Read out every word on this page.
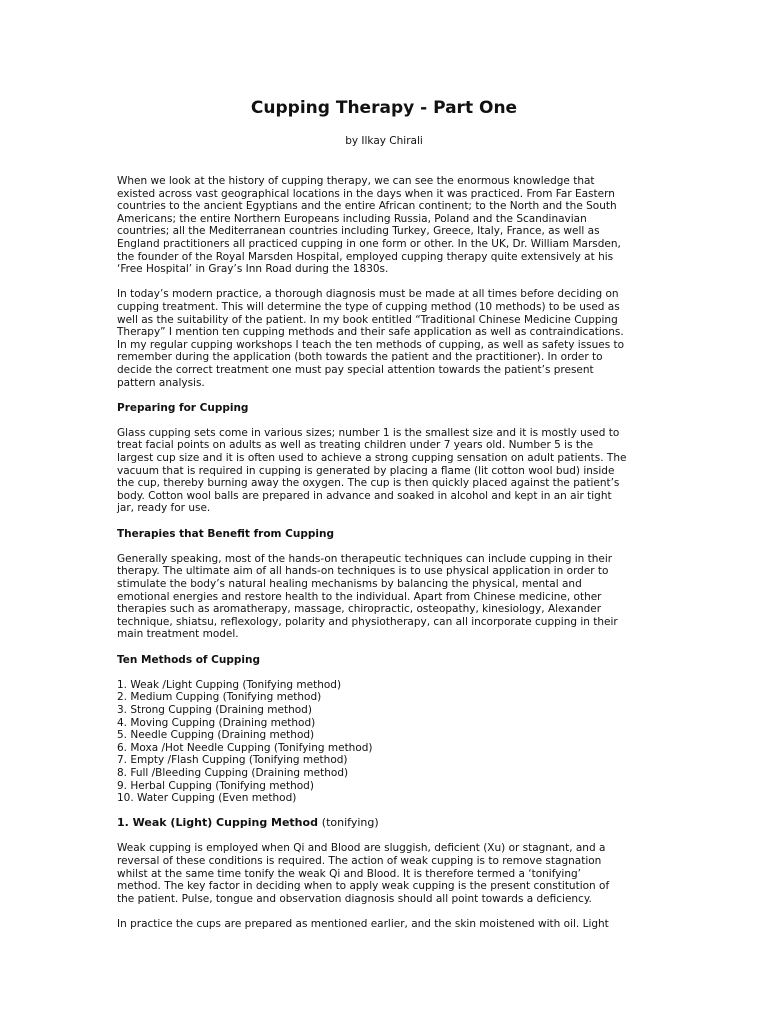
Cupping Therapy - Part One
by Ilkay Chirali

When we look at the history of cupping therapy, we can see the enormous knowledge that
existed across vast geographical locations in the days when it was practiced. From Far Eastern
countries to the ancient Egyptians and the entire African continent; to the North and the South
Americans; the entire Northern Europeans including Russia, Poland and the Scandinavian
countries; all the Mediterranean countries including Turkey, Greece, Italy, France, as well as
England practitioners all practiced cupping in one form or other. In the UK, Dr. William Marsden,
the founder of the Royal Marsden Hospital, employed cupping therapy quite extensively at his
‘Free Hospital’ in Gray’s Inn Road during the 1830s.

In today’s modern practice, a thorough diagnosis must be made at all times before deciding on
cupping treatment. This will determine the type of cupping method (10 methods) to be used as
well as the suitability of the patient. In my book entitled “Traditional Chinese Medicine Cupping
Therapy” I mention ten cupping methods and their safe application as well as contraindications.
In my regular cupping workshops I teach the ten methods of cupping, as well as safety issues to
remember during the application (both towards the patient and the practitioner). In order to
decide the correct treatment one must pay special attention towards the patient’s present
pattern analysis.

Preparing for Cupping

Glass cupping sets come in various sizes; number 1 is the smallest size and it is mostly used to
treat facial points on adults as well as treating children under 7 years old. Number 5 is the
largest cup size and it is often used to achieve a strong cupping sensation on adult patients. The
vacuum that is required in cupping is generated by placing a flame (lit cotton wool bud) inside
the cup, thereby burning away the oxygen. The cup is then quickly placed against the patient’s
body. Cotton wool balls are prepared in advance and soaked in alcohol and kept in an air tight
jar, ready for use.

Therapies that Benefit from Cupping

Generally speaking, most of the hands-on therapeutic techniques can include cupping in their
therapy. The ultimate aim of all hands-on techniques is to use physical application in order to
stimulate the body’s natural healing mechanisms by balancing the physical, mental and
emotional energies and restore health to the individual. Apart from Chinese medicine, other
therapies such as aromatherapy, massage, chiropractic, osteopathy, kinesiology, Alexander
technique, shiatsu, reflexology, polarity and physiotherapy, can all incorporate cupping in their
main treatment model.

Ten Methods of Cupping
1. Weak /Light Cupping (Tonifying method)
2. Medium Cupping (Tonifying method)
3. Strong Cupping (Draining method)
4. Moving Cupping (Draining method)
5. Needle Cupping (Draining method)
6. Moxa /Hot Needle Cupping (Tonifying method)
7. Empty /Flash Cupping (Tonifying method)
8. Full /Bleeding Cupping (Draining method)
9. Herbal Cupping (Tonifying method)
10. Water Cupping (Even method)
1. Weak (Light) Cupping Method (tonifying)

Weak cupping is employed when Qi and Blood are sluggish, deficient (Xu) or stagnant, and a
reversal of these conditions is required. The action of weak cupping is to remove stagnation
whilst at the same time tonify the weak Qi and Blood. It is therefore termed a ‘tonifying’
method. The key factor in deciding when to apply weak cupping is the present constitution of
the patient. Pulse, tongue and observation diagnosis should all point towards a deficiency.

In practice the cups are prepared as mentioned earlier, and the skin moistened with oil. Light
